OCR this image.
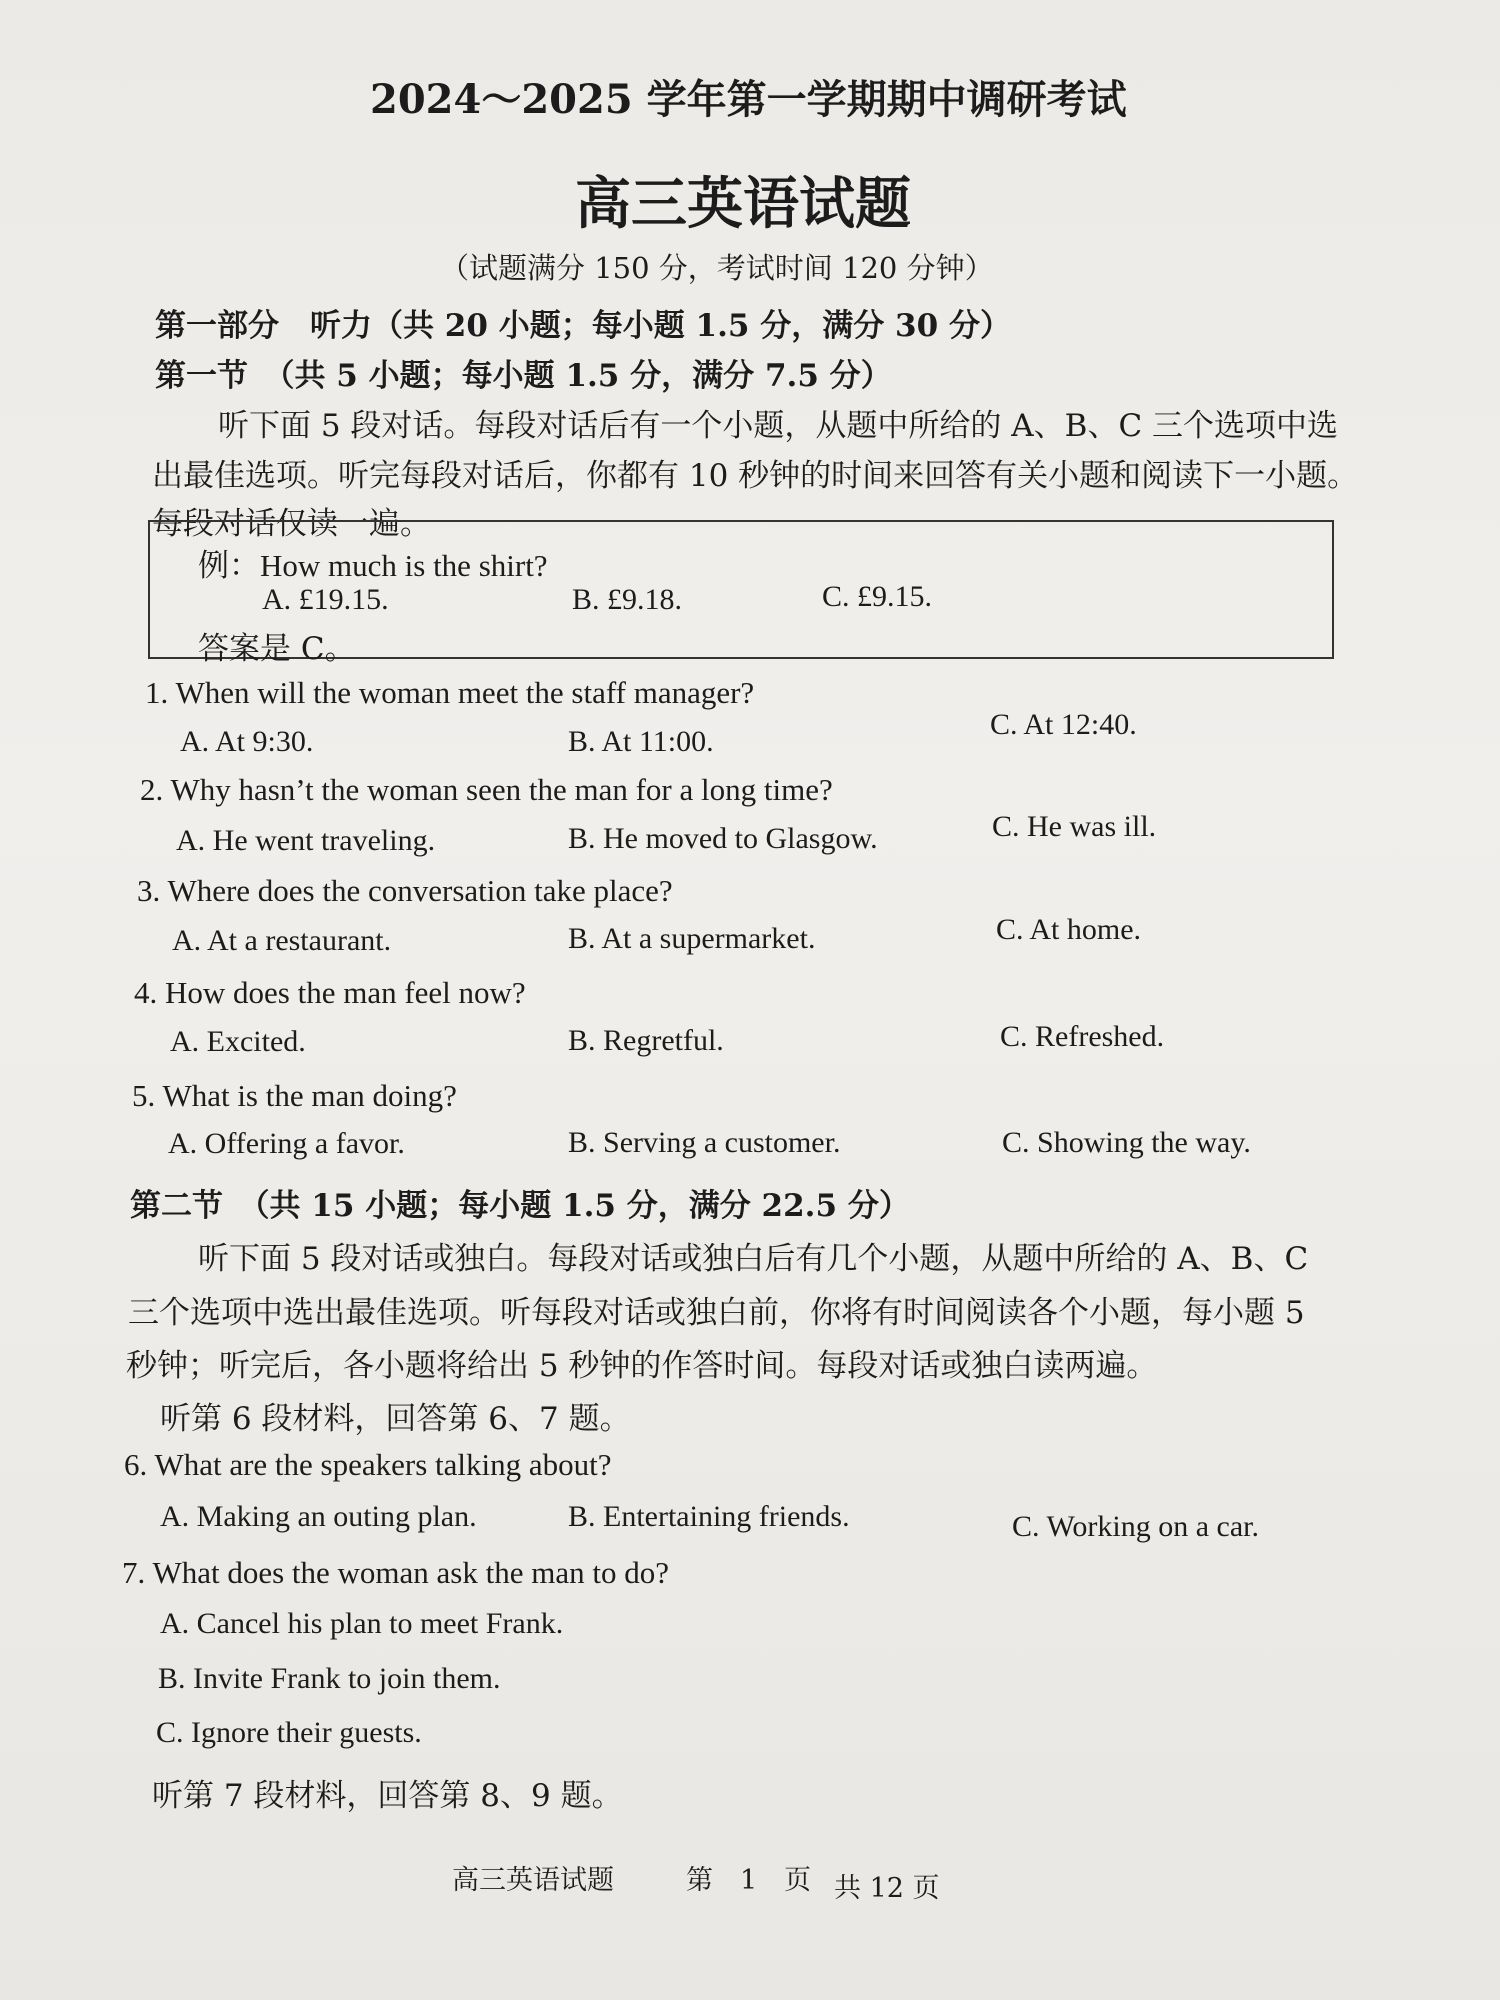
2024～2025 学年第一学期期中调研考试
高三英语试题
（试题满分 150 分，考试时间 120 分钟）
第一部分　听力（共 20 小题；每小题 1.5 分，满分 30 分）
第一节　（共 5 小题；每小题 1.5 分，满分 7.5 分）
听下面 5 段对话。每段对话后有一个小题，从题中所给的 A、B、C 三个选项中选
出最佳选项。听完每段对话后，你都有 10 秒钟的时间来回答有关小题和阅读下一小题。
每段对话仅读一遍。
例：How much is the shirt?
A. £19.15.	B. £9.18.	C. £9.15.
答案是 C。
1. When will the woman meet the staff manager?
A. At 9:30.	B. At 11:00.
C. At 12:40.
2. Why hasn’t the woman seen the man for a long time?
A. He went traveling.	B. He moved to Glasgow.	C. He was ill.
3. Where does the conversation take place?
A. At a restaurant.	B. At a supermarket.	C. At home.
4. How does the man feel now?
A. Excited.	B. Regretful.	C. Refreshed.
5. What is the man doing?
A. Offering a favor.	B. Serving a customer.	C. Showing the way.
第二节　（共 15 小题；每小题 1.5 分，满分 22.5 分）
听下面 5 段对话或独白。每段对话或独白后有几个小题，从题中所给的 A、B、C
三个选项中选出最佳选项。听每段对话或独白前，你将有时间阅读各个小题，每小题 5
秒钟；听完后，各小题将给出 5 秒钟的作答时间。每段对话或独白读两遍。
听第 6 段材料，回答第 6、7 题。
6. What are the speakers talking about?
A. Making an outing plan.	B. Entertaining friends.	C. Working on a car.
7. What does the woman ask the man to do?
A. Cancel his plan to meet Frank.
B. Invite Frank to join them.
C. Ignore their guests.
听第 7 段材料，回答第 8、9 题。
高三英语试题	第　1　页 共 12 页
